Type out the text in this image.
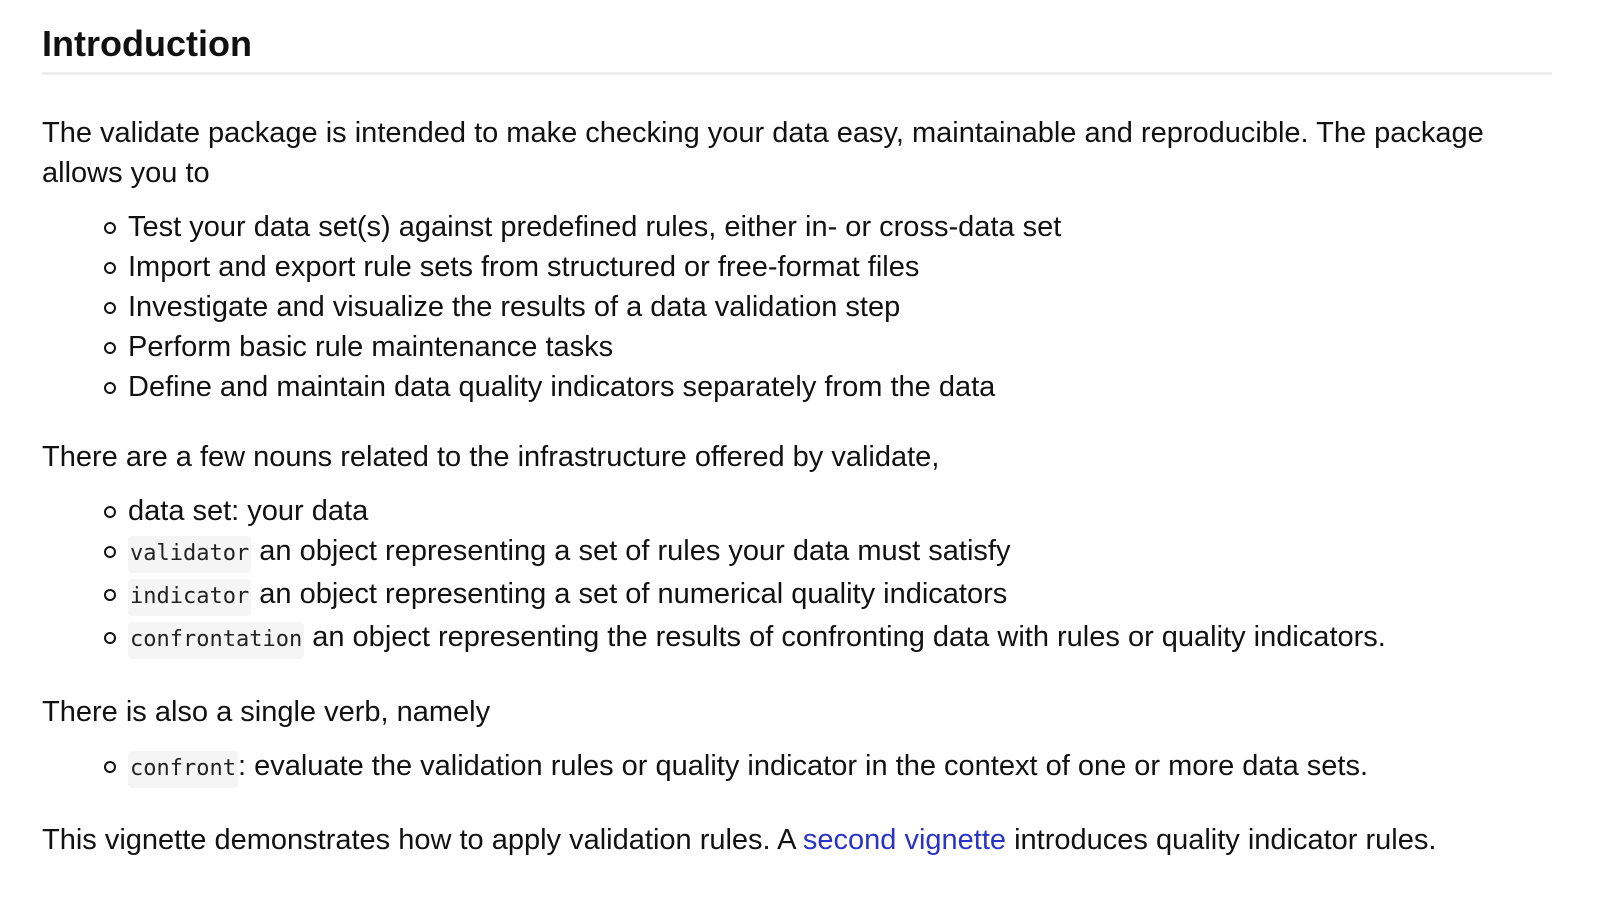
Introduction

The validate package is intended to make checking your data easy, maintainable and reproducible. The package allows you to

Test your data set(s) against predefined rules, either in- or cross-data set
Import and export rule sets from structured or free-format files
Investigate and visualize the results of a data validation step
Perform basic rule maintenance tasks
Define and maintain data quality indicators separately from the data

There are a few nouns related to the infrastructure offered by validate,

data set: your data
validator an object representing a set of rules your data must satisfy
indicator an object representing a set of numerical quality indicators
confrontation an object representing the results of confronting data with rules or quality indicators.

There is also a single verb, namely

confront: evaluate the validation rules or quality indicator in the context of one or more data sets.

This vignette demonstrates how to apply validation rules. A second vignette introduces quality indicator rules.
